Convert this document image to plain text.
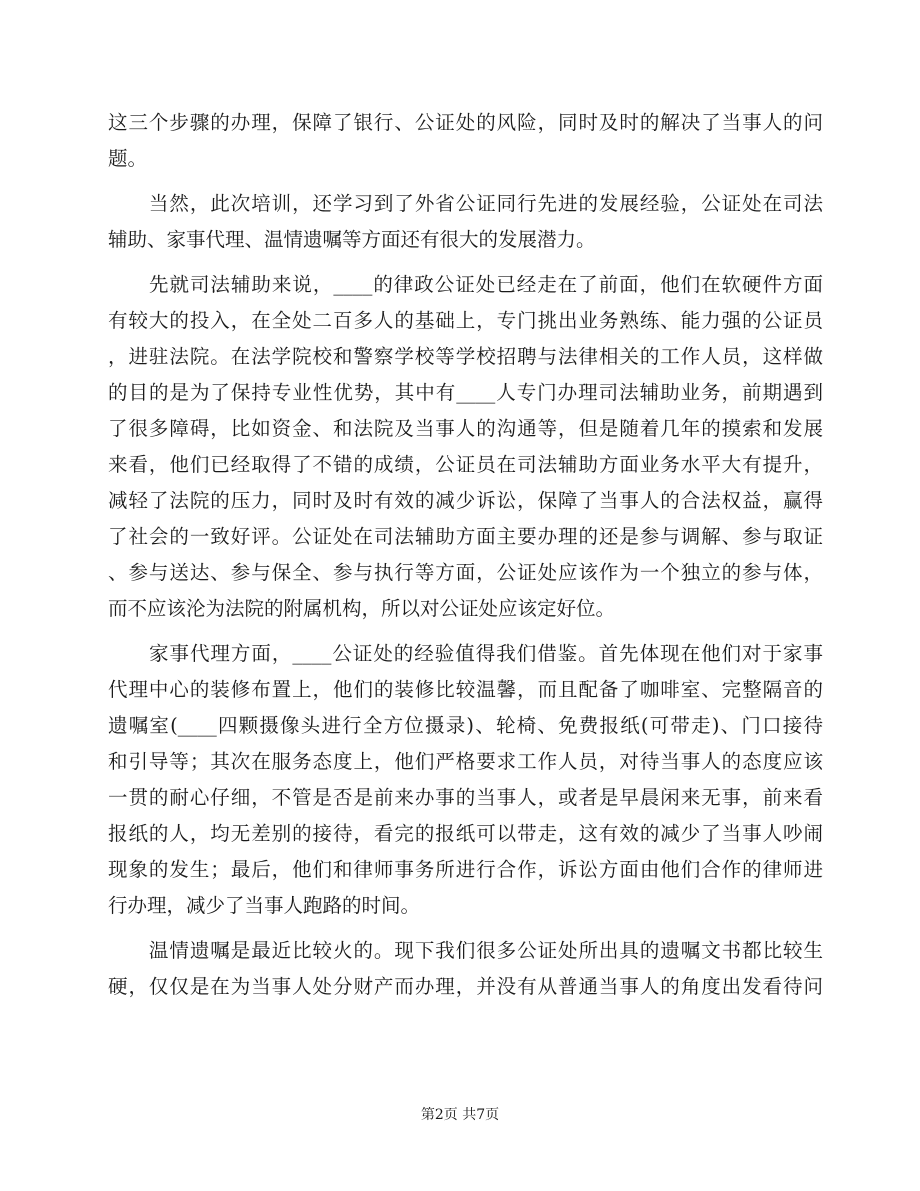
这三个步骤的办理，保障了银行、公证处的风险，同时及时的解决了当事人的问
题。
　　当然，此次培训，还学习到了外省公证同行先进的发展经验，公证处在司法
辅助、家事代理、温情遗嘱等方面还有很大的发展潜力。
　　先就司法辅助来说，____的律政公证处已经走在了前面，他们在软硬件方面
有较大的投入，在全处二百多人的基础上，专门挑出业务熟练、能力强的公证员
，进驻法院。在法学院校和警察学校等学校招聘与法律相关的工作人员，这样做
的目的是为了保持专业性优势，其中有____人专门办理司法辅助业务，前期遇到
了很多障碍，比如资金、和法院及当事人的沟通等，但是随着几年的摸索和发展
来看，他们已经取得了不错的成绩，公证员在司法辅助方面业务水平大有提升，
减轻了法院的压力，同时及时有效的减少诉讼，保障了当事人的合法权益，赢得
了社会的一致好评。公证处在司法辅助方面主要办理的还是参与调解、参与取证
、参与送达、参与保全、参与执行等方面，公证处应该作为一个独立的参与体，
而不应该沦为法院的附属机构，所以对公证处应该定好位。
　　家事代理方面，____公证处的经验值得我们借鉴。首先体现在他们对于家事
代理中心的装修布置上，他们的装修比较温馨，而且配备了咖啡室、完整隔音的
遗嘱室(____四颗摄像头进行全方位摄录)、轮椅、免费报纸(可带走)、门口接待
和引导等；其次在服务态度上，他们严格要求工作人员，对待当事人的态度应该
一贯的耐心仔细，不管是否是前来办事的当事人，或者是早晨闲来无事，前来看
报纸的人，均无差别的接待，看完的报纸可以带走，这有效的减少了当事人吵闹
现象的发生；最后，他们和律师事务所进行合作，诉讼方面由他们合作的律师进
行办理，减少了当事人跑路的时间。
　　温情遗嘱是最近比较火的。现下我们很多公证处所出具的遗嘱文书都比较生
硬，仅仅是在为当事人处分财产而办理，并没有从普通当事人的角度出发看待问
第2页 共7页
